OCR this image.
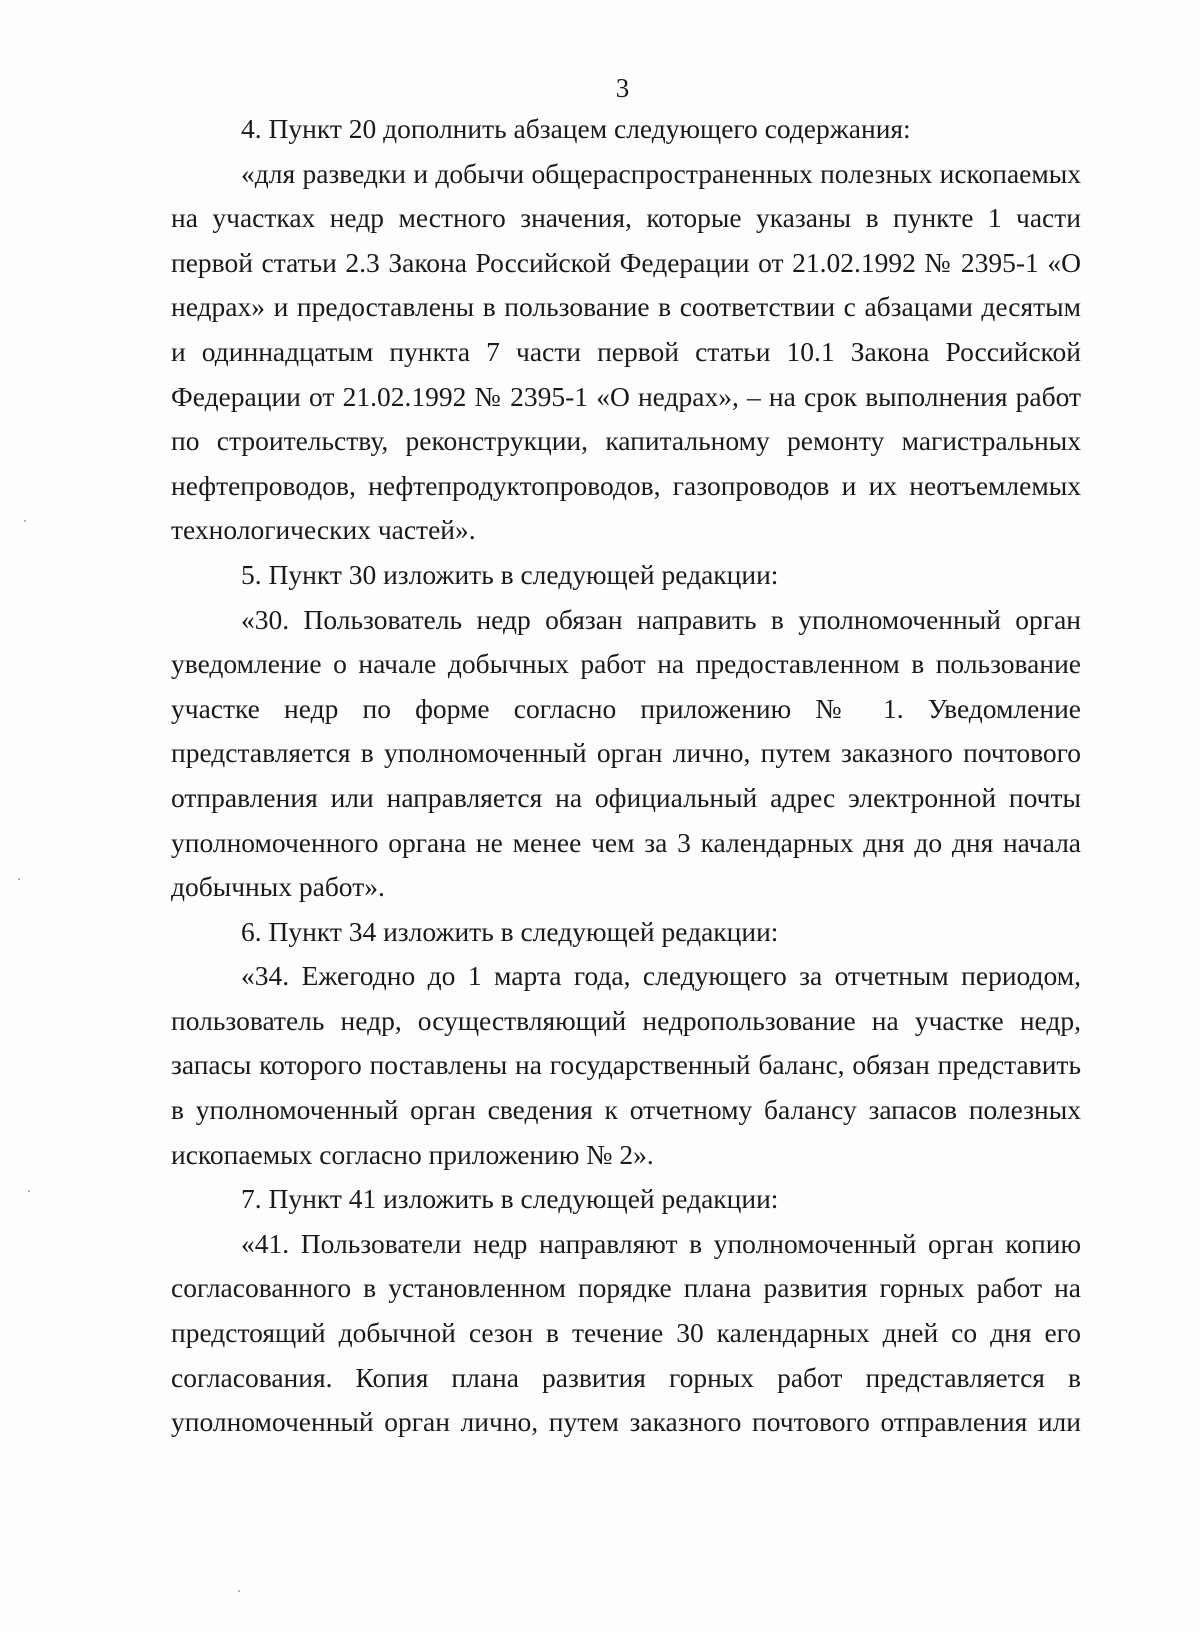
3

4. Пункт 20 дополнить абзацем следующего содержания:

«для разведки и добычи общераспространенных полезных ископаемых на участках недр местного значения, которые указаны в пункте 1 части первой статьи 2.3 Закона Российской Федерации от 21.02.1992 № 2395-1 «О недрах» и предоставлены в пользование в соответствии с абзацами десятым и одиннадцатым пункта 7 части первой статьи 10.1 Закона Российской Федерации от 21.02.1992 № 2395-1 «О недрах», – на срок выполнения работ по строительству, реконструкции, капитальному ремонту магистральных нефтепроводов, нефтепродуктопроводов, газопроводов и их неотъемлемых технологических частей».

5. Пункт 30 изложить в следующей редакции:

«30. Пользователь недр обязан направить в уполномоченный орган уведомление о начале добычных работ на предоставленном в пользование участке недр по форме согласно приложению № 1. Уведомление представляется в уполномоченный орган лично, путем заказного почтового отправления или направляется на официальный адрес электронной почты уполномоченного органа не менее чем за 3 календарных дня до дня начала добычных работ».

6. Пункт 34 изложить в следующей редакции:

«34. Ежегодно до 1 марта года, следующего за отчетным периодом, пользователь недр, осуществляющий недропользование на участке недр, запасы которого поставлены на государственный баланс, обязан представить в уполномоченный орган сведения к отчетному балансу запасов полезных ископаемых согласно приложению № 2».

7. Пункт 41 изложить в следующей редакции:

«41. Пользователи недр направляют в уполномоченный орган копию согласованного в установленном порядке плана развития горных работ на предстоящий добычной сезон в течение 30 календарных дней со дня его согласования. Копия плана развития горных работ представляется в уполномоченный орган лично, путем заказного почтового отправления или
